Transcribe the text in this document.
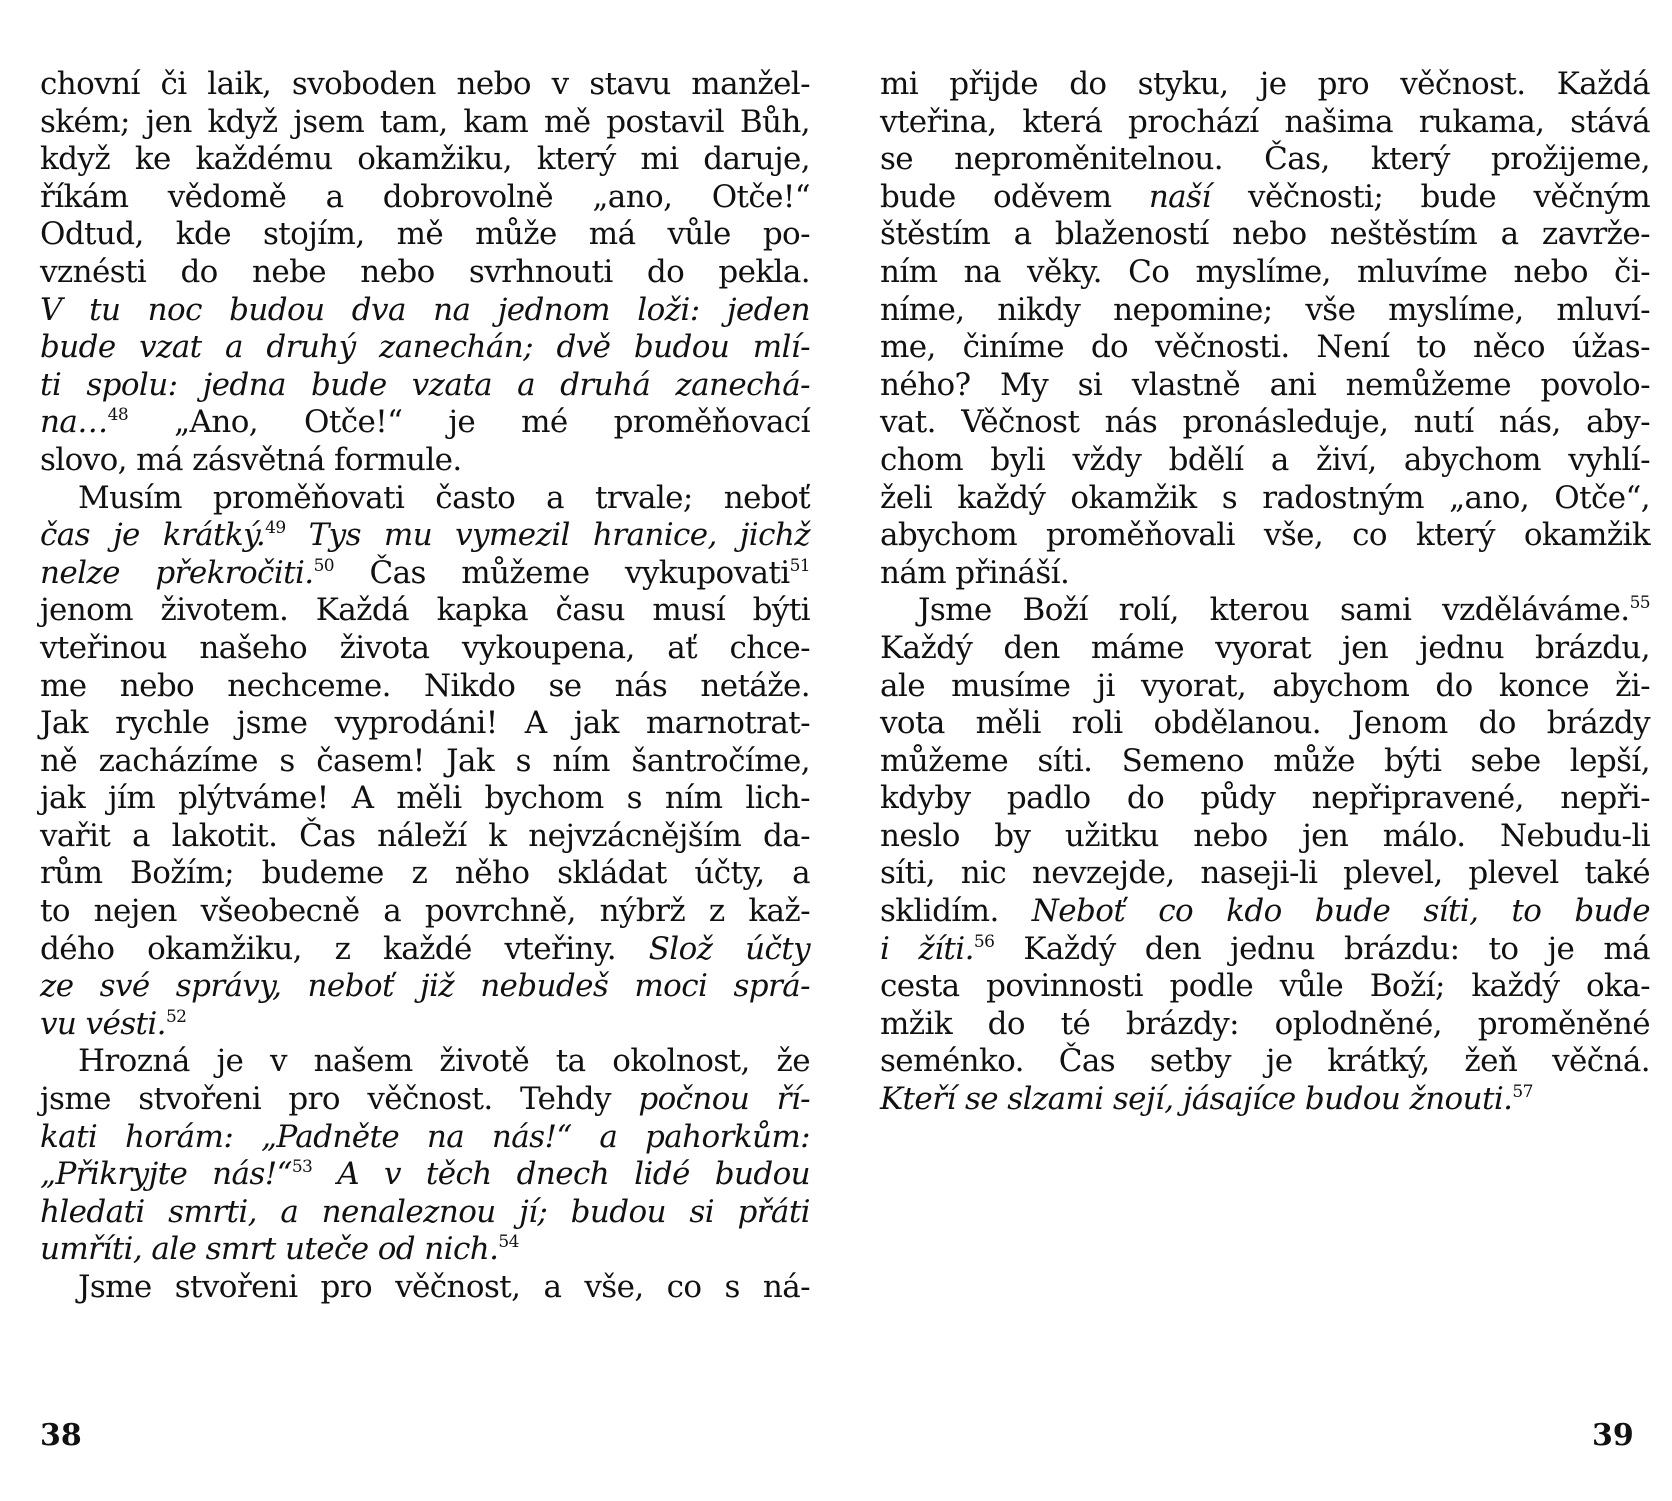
chovní či laik, svoboden nebo v stavu manžel-
ském; jen když jsem tam, kam mě postavil Bůh,
když ke každému okamžiku, který mi daruje,
říkám vědomě a dobrovolně „ano, Otče!“
Odtud, kde stojím, mě může má vůle po-
vznésti do nebe nebo svrhnouti do pekla.
V tu noc budou dva na jednom loži: jeden
bude vzat a druhý zanechán; dvě budou mlí-
ti spolu: jedna bude vzata a druhá zanechá-
na…$^{48}$ „Ano, Otče!“ je mé proměňovací
slovo, má zásvětná formule.
Musím proměňovati často a trvale; neboť
čas je krátký.$^{49}$ Tys mu vymezil hranice, jichž
nelze překročiti.$^{50}$ Čas můžeme vykupovati$^{51}$
jenom životem. Každá kapka času musí býti
vteřinou našeho života vykoupena, ať chce-
me nebo nechceme. Nikdo se nás netáže.
Jak rychle jsme vyprodáni! A jak marnotrat-
ně zacházíme s časem! Jak s ním šantročíme,
jak jím plýtváme! A měli bychom s ním lich-
vařit a lakotit. Čas náleží k nejvzácnějším da-
rům Božím; budeme z něho skládat účty, a
to nejen všeobecně a povrchně, nýbrž z kaž-
dého okamžiku, z každé vteřiny. Slož účty
ze své správy, neboť již nebudeš moci sprá-
vu vésti.$^{52}$
Hrozná je v našem životě ta okolnost, že
jsme stvořeni pro věčnost. Tehdy počnou ří-
kati horám: „Padněte na nás!“ a pahorkům:
„Přikryjte nás!“$^{53}$ A v těch dnech lidé budou
hledati smrti, a nenaleznou jí; budou si přáti
umříti, ale smrt uteče od nich.$^{54}$
Jsme stvořeni pro věčnost, a vše, co s ná-
mi přijde do styku, je pro věčnost. Každá
vteřina, která prochází našima rukama, stává
se neproměnitelnou. Čas, který prožijeme,
bude oděvem naší věčnosti; bude věčným
štěstím a blažeností nebo neštěstím a zavrže-
ním na věky. Co myslíme, mluvíme nebo či-
níme, nikdy nepomine; vše myslíme, mluví-
me, činíme do věčnosti. Není to něco úžas-
ného? My si vlastně ani nemůžeme povolo-
vat. Věčnost nás pronásleduje, nutí nás, aby-
chom byli vždy bdělí a živí, abychom vyhlí-
želi každý okamžik s radostným „ano, Otče“,
abychom proměňovali vše, co který okamžik
nám přináší.
Jsme Boží rolí, kterou sami vzděláváme.$^{55}$
Každý den máme vyorat jen jednu brázdu,
ale musíme ji vyorat, abychom do konce ži-
vota měli roli obdělanou. Jenom do brázdy
můžeme síti. Semeno může býti sebe lepší,
kdyby padlo do půdy nepřipravené, nepři-
neslo by užitku nebo jen málo. Nebudu-li
síti, nic nevzejde, naseji-li plevel, plevel také
sklidím. Neboť co kdo bude síti, to bude
i žíti.$^{56}$ Každý den jednu brázdu: to je má
cesta povinnosti podle vůle Boží; každý oka-
mžik do té brázdy: oplodněné, proměněné
seménko. Čas setby je krátký, žeň věčná.
Kteří se slzami sejí, jásajíce budou žnouti.$^{57}$
38	39
